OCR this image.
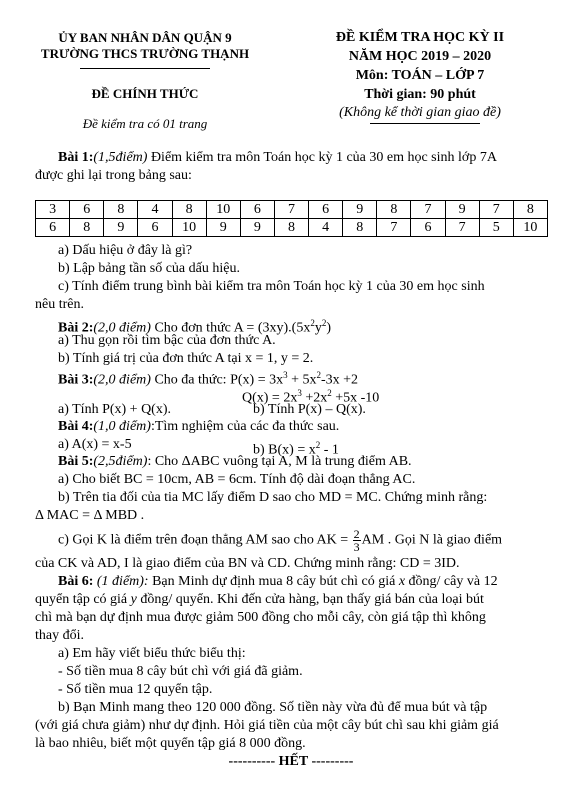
ỦY BAN NHÂN DÂN QUẬN 9
TRƯỜNG THCS TRƯỜNG THẠNH
ĐỀ CHÍNH THỨC
Đề kiểm tra có 01 trang
ĐỀ KIỂM TRA HỌC KỲ II
NĂM HỌC 2019 – 2020
Môn: TOÁN – LỚP 7
Thời gian: 90 phút
(Không kể thời gian giao đề)
Bài 1:(1,5điểm) Điểm kiểm tra môn Toán học kỳ 1 của 30 em học sinh lớp 7A
được ghi lại trong bảng sau:
3	6	8	4	8	10	6	7	6	9	8	7	9	7	8
6	8	9	6	10	9	9	8	4	8	7	6	7	5	10
a) Dấu hiệu ở đây là gì?
b) Lập bảng tần số của dấu hiệu.
c) Tính điểm trung bình bài kiểm tra môn Toán học kỳ 1 của 30 em học sinh
nêu trên.
Bài 2:(2,0 điểm) Cho đơn thức $A = (3xy).(5x^2y^2)$
a) Thu gọn rồi tìm bậc của đơn thức A.
b) Tính giá trị của đơn thức A tại x = 1, y = 2.
Bài 3:(2,0 điểm) Cho đa thức: $P(x) = 3x^3 + 5x^2-3x +2$
$Q(x) = 2x^3 +2x^2 +5x$ -10
a) Tính P(x) + Q(x).	b) Tính P(x) – Q(x).
Bài 4:(1,0 điểm):Tìm nghiệm của các đa thức sau.
a) A(x) = x-5	b) $B(x) = x^2 - 1$
Bài 5:(2,5điểm): Cho ΔABC vuông tại A, M là trung điểm AB.
a) Cho biết BC = 10cm, AB = 6cm. Tính độ dài đoạn thẳng AC.
b) Trên tia đối của tia MC lấy điểm D sao cho MD = MC. Chứng minh rằng:
Δ MAC = Δ MBD .
c) Gọi K là điểm trên đoạn thẳng AM sao cho AK = $\frac{2}{3}$ AM . Gọi N là giao điểm
của CK và AD, I là giao điểm của BN và CD. Chứng minh rằng: CD = 3ID.
Bài 6: (1 điểm): Bạn Minh dự định mua 8 cây bút chì có giá x đồng/ cây và 12
quyển tập có giá y đồng/ quyển. Khi đến cửa hàng, bạn thấy giá bán của loại bút
chì mà bạn dự định mua được giảm 500 đồng cho mỗi cây, còn giá tập thì không
thay đổi.
a) Em hãy viết biểu thức biểu thị:
- Số tiền mua 8 cây bút chì với giá đã giảm.
- Số tiền mua 12 quyển tập.
b) Bạn Minh mang theo 120 000 đồng. Số tiền này vừa đủ để mua bút và tập
(với giá chưa giảm) như dự định. Hỏi giá tiền của một cây bút chì sau khi giảm giá
là bao nhiêu, biết một quyển tập giá 8 000 đồng.
---------- HẾT ---------
